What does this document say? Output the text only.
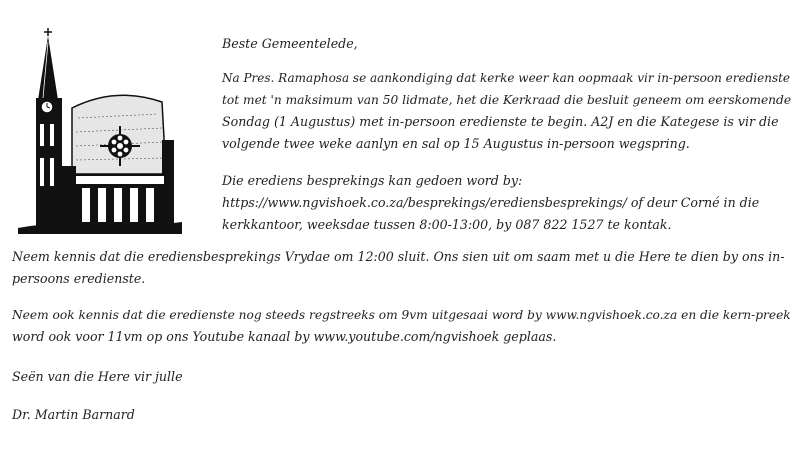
Beste Gemeentelede,

Na Pres. Ramaphosa se aankondiging dat kerke weer kan oopmaak vir in-persoon eredienste

tot met 'n maksimum van 50 lidmate, het die Kerkraad die besluit geneem om eerskomende

Sondag (1 Augustus) met in-persoon eredienste te begin. A2J en die Kategese is vir die

volgende twee weke aanlyn en sal op 15 Augustus in-persoon wegspring.

Die erediens besprekings kan gedoen word by:

https://www.ngvishoek.co.za/besprekings/erediensbesprekings/ of deur Corné in die

kerkkantoor, weeksdae tussen 8:00-13:00, by 087 822 1527 te kontak.

Neem kennis dat die erediensbesprekings Vrydae om 12:00 sluit. Ons sien uit om saam met u die Here te dien by ons in-

persoons eredienste.

Neem ook kennis dat die eredienste nog steeds regstreeks om 9vm uitgesaai word by www.ngvishoek.co.za en die kern-preek

word ook voor 11vm op ons Youtube kanaal by www.youtube.com/ngvishoek geplaas.

Seën van die Here vir julle

Dr. Martin Barnard
